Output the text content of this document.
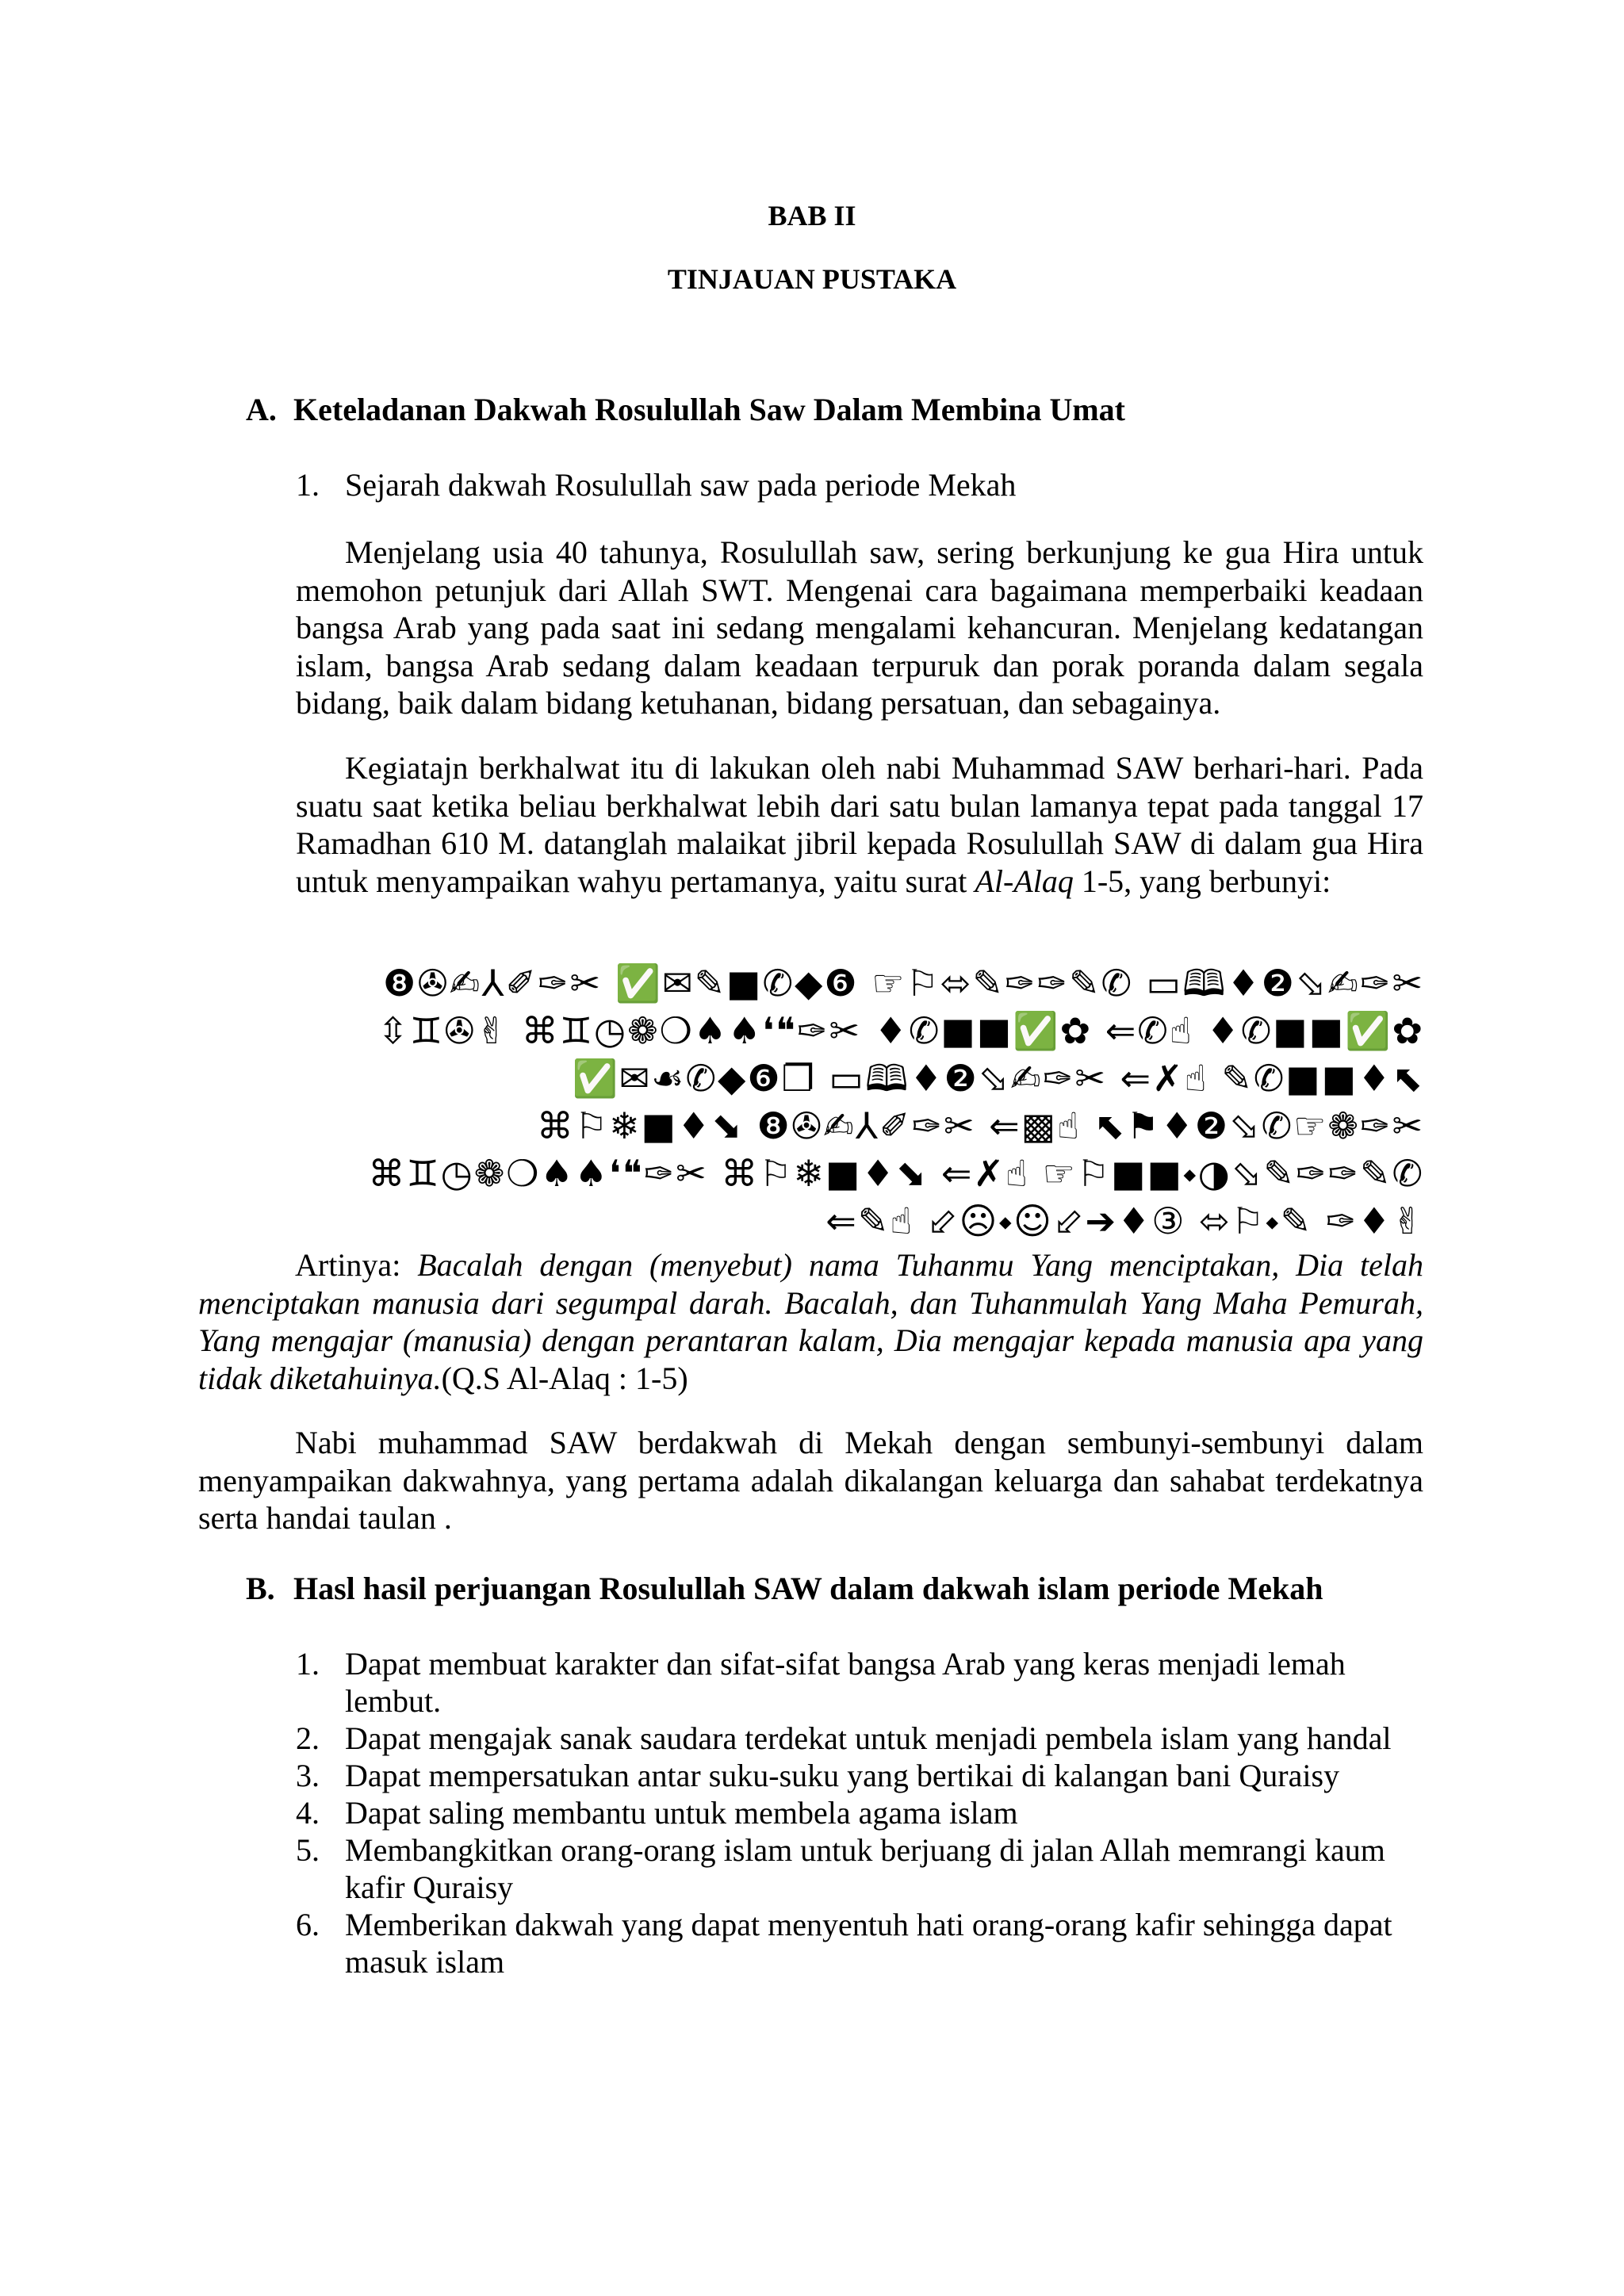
BAB II
TINJAUAN PUSTAKA
A. Keteladanan Dakwah Rosulullah Saw Dalam Membina Umat
1. Sejarah dakwah Rosulullah saw pada periode Mekah
Menjelang usia 40 tahunya, Rosulullah saw, sering berkunjung ke gua Hira untuk memohon petunjuk dari Allah SWT. Mengenai cara bagaimana memperbaiki keadaan bangsa Arab yang pada saat ini sedang mengalami kehancuran. Menjelang kedatangan islam, bangsa Arab sedang dalam keadaan terpuruk dan porak poranda dalam segala bidang, baik dalam bidang ketuhanan, bidang persatuan, dan sebagainya.
Kegiatajn berkhalwat itu di lakukan oleh nabi Muhammad SAW berhari-hari. Pada suatu saat ketika beliau berkhalwat lebih dari satu bulan lamanya tepat pada tanggal 17 Ramadhan 610 M. datanglah malaikat jibril kepada Rosulullah SAW di dalam gua Hira untuk menyampaikan wahyu pertamanya, yaitu surat Al-Alaq 1-5, yang berbunyi:
❽✇✍⅄✐✑✂ ✅✉✎■✆◆❻ ☞⚐⬄✎✑✑✎✆ ▭🕮♦❷⬂✍✑✂
⇳♊✇✌ ⌘♊◷❁❍♠♠❛❝✑✂ ♦✆■■✅✿ ⇐✆☝ ♦✆■■✅✿
✅✉☙✆◆❻❐ ▭🕮♦❷⬂✍✑✂ ⇐✗☝ ✎✆■■♦⬉
⌘⚐❄■♦⬊ ❽✇✍⅄✐✑✂ ⇐▩☝ ⬉⚑♦❷⬂✆☞❁✑✂
⌘♊◷❁❍♠♠❛❝✑✂ ⌘⚐❄■♦⬊ ⇐✗☝ ☞⚐■■⬩◑⬂✎✑✑✎✆
⇐✎☝ ⬃☹⬩☺⬃➔♦③ ⬄⚐⬩✎ ✑♦✌
Artinya: Bacalah dengan (menyebut) nama Tuhanmu Yang menciptakan, Dia telah menciptakan manusia dari segumpal darah. Bacalah, dan Tuhanmulah Yang Maha Pemurah, Yang mengajar (manusia) dengan perantaran kalam, Dia mengajar kepada manusia apa yang tidak diketahuinya.(Q.S Al-Alaq : 1-5)
Nabi muhammad SAW berdakwah di Mekah dengan sembunyi-sembunyi dalam menyampaikan dakwahnya, yang pertama adalah dikalangan keluarga dan sahabat terdekatnya serta handai taulan .
B. Hasl hasil perjuangan Rosulullah SAW dalam dakwah islam periode Mekah
1. Dapat membuat karakter dan sifat-sifat bangsa Arab yang keras menjadi lemah lembut.
2. Dapat mengajak sanak saudara terdekat untuk menjadi pembela islam yang handal
3. Dapat mempersatukan antar suku-suku yang bertikai di kalangan bani Quraisy
4. Dapat saling membantu untuk membela agama islam
5. Membangkitkan orang-orang islam untuk berjuang di jalan Allah memrangi kaum kafir Quraisy
6. Memberikan dakwah yang dapat menyentuh hati orang-orang kafir sehingga dapat masuk islam
